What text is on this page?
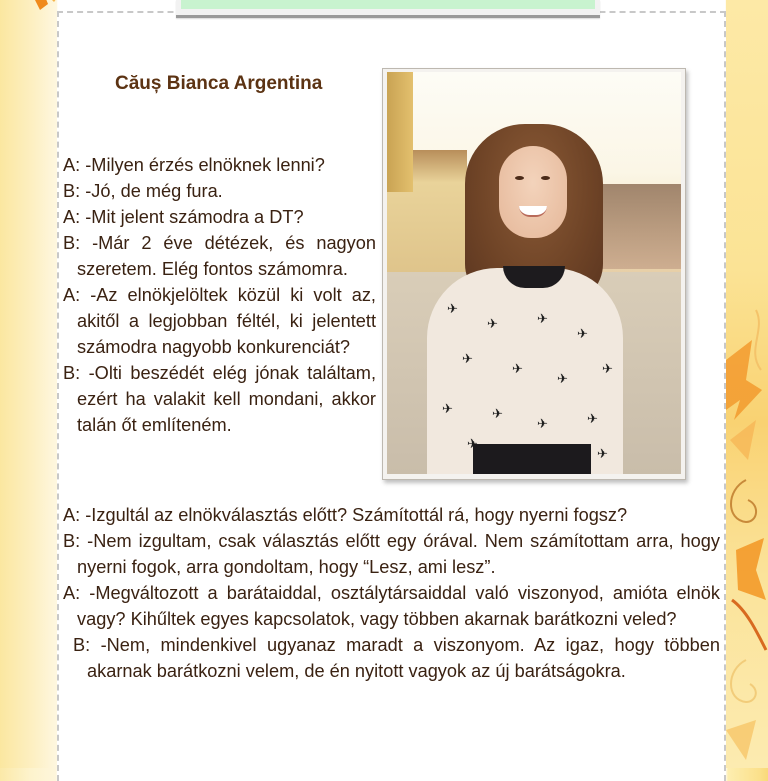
Căuș Bianca Argentina

A: -Milyen érzés elnöknek lenni?

B: -Jó, de még fura.

A: -Mit jelent számodra a DT?

B: -Már 2 éve détézek, és nagyon szeretem. Elég fontos számomra.

A: -Az elnökjelöltek közül ki volt az, akitől a legjobban féltél, ki jelentett számodra nagyobb konkurenciát?

B: -Olti beszédét elég jónak találtam, ezért ha valakit kell mondani, akkor talán őt említeném.

✈
✈	✈
✈
✈
✈
✈
✈
✈	✈
✈	✈
✈
✈

A: -Izgultál az elnökválasztás előtt? Számítottál rá, hogy nyerni fogsz?

B: -Nem izgultam, csak választás előtt egy órával. Nem számítottam arra, hogy nyerni fogok, arra gondoltam, hogy “Lesz, ami lesz”.

A: -Megváltozott a barátaiddal, osztálytársaiddal való viszonyod, amióta elnök vagy? Kihűltek egyes kapcsolatok, vagy többen akarnak barátkozni veled?

B: -Nem, mindenkivel ugyanaz maradt a viszonyom. Az igaz, hogy többen akarnak barátkozni velem, de én nyitott vagyok az új barátságokra.
